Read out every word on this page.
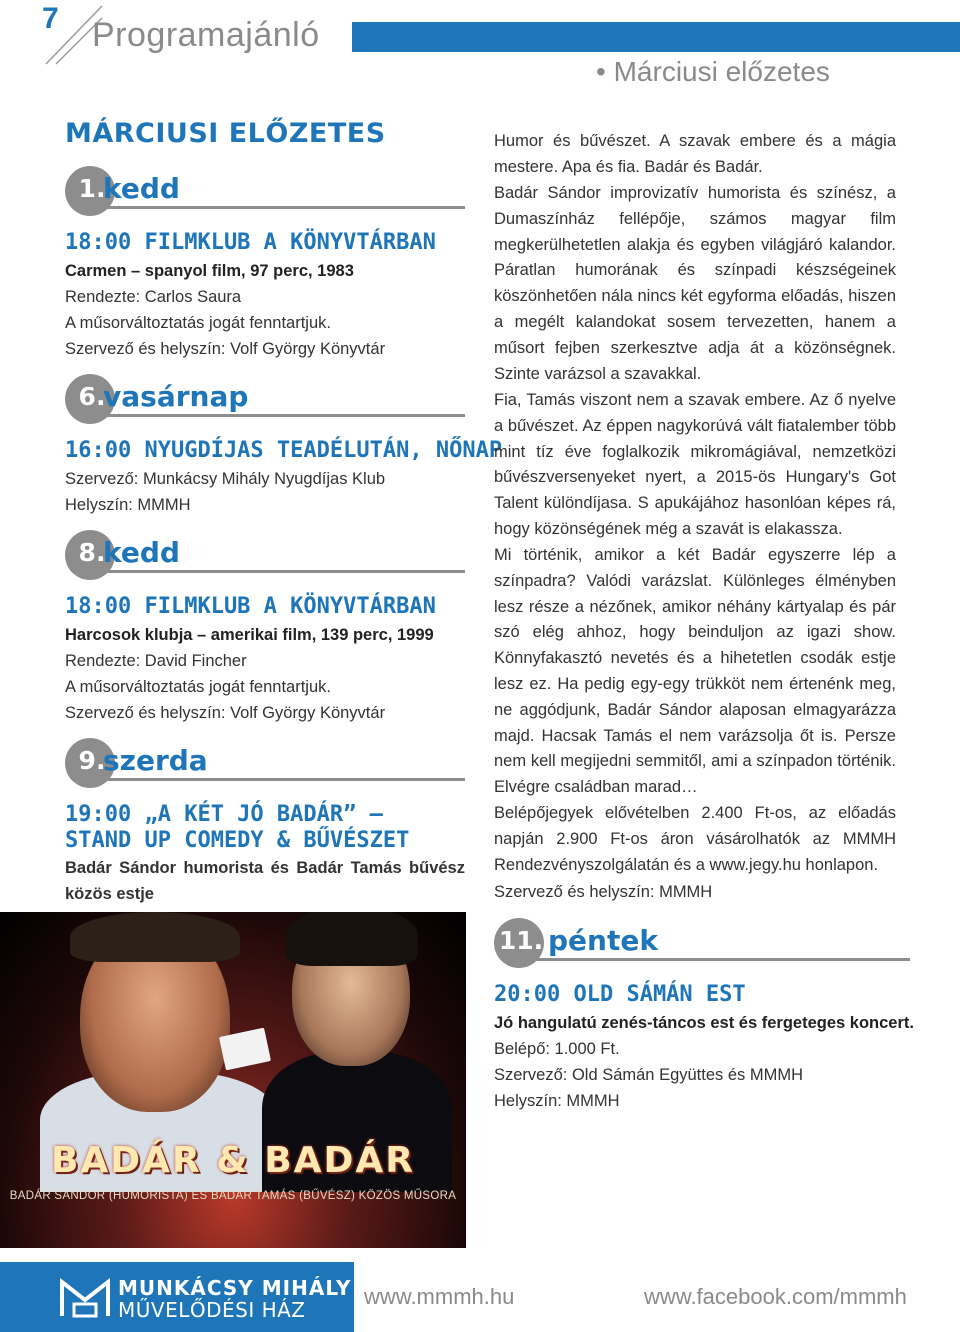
7 Programajánló
• Márciusi előzetes
MÁRCIUSI ELŐZETES
1.
kedd
18:00 FILMKLUB A KÖNYVTÁRBAN
Carmen – spanyol film, 97 perc, 1983
Rendezte: Carlos Saura
A műsorváltoztatás jogát fenntartjuk.
Szervező és helyszín: Volf György Könyvtár
6.
vasárnap
16:00 NYUGDÍJAS TEADÉLUTÁN, NŐNAP
Szervező: Munkácsy Mihály Nyugdíjas Klub
Helyszín: MMMH
8.
kedd
18:00 FILMKLUB A KÖNYVTÁRBAN
Harcosok klubja – amerikai film, 139 perc, 1999
Rendezte: David Fincher
A műsorváltoztatás jogát fenntartjuk.
Szervező és helyszín: Volf György Könyvtár
9.
szerda
19:00 „A KÉT JÓ BADÁR” –
STAND UP COMEDY & BŰVÉSZET
Badár Sándor humorista és Badár Tamás bűvész közös estje
BADÁR & BADÁR
BADÁR SÁNDOR (HUMORISTA) ÉS BADÁR TAMÁS (BŰVÉSZ) KÖZÖS MŰSORA
Humor és bűvészet. A szavak embere és a mágia mestere. Apa és fia. Badár és Badár.
Badár Sándor improvizatív humorista és színész, a Dumaszínház fellépője, számos magyar film megkerülhetetlen alakja és egyben világjáró kalandor. Páratlan humorának és színpadi készségeinek köszönhetően nála nincs két egyforma előadás, hiszen a megélt kalandokat sosem tervezetten, hanem a műsort fejben szerkesztve adja át a közönségnek. Szinte varázsol a szavakkal.
Fia, Tamás viszont nem a szavak embere. Az ő nyelve a bűvészet. Az éppen nagykorúvá vált fiatalember több mint tíz éve foglalkozik mikromágiával, nemzetközi bűvészversenyeket nyert, a 2015-ös Hungary's Got Talent különdíjasa. S apukájához hasonlóan képes rá, hogy közönségének még a szavát is elakassza.
Mi történik, amikor a két Badár egyszerre lép a színpadra? Valódi varázslat. Különleges élményben lesz része a nézőnek, amikor néhány kártyalap és pár szó elég ahhoz, hogy beinduljon az igazi show. Könnyfakasztó nevetés és a hihetetlen csodák estje lesz ez. Ha pedig egy-egy trükköt nem értenénk meg, ne aggódjunk, Badár Sándor alaposan elmagyarázza majd. Hacsak Tamás el nem varázsolja őt is. Persze nem kell megijedni semmitől, ami a színpadon történik. Elvégre családban marad…
Belépőjegyek elővételben 2.400 Ft-os, az előadás napján 2.900 Ft-os áron vásárolhatók az MMMH Rendezvényszolgálatán és a www.jegy.hu honlapon.
Szervező és helyszín: MMMH
11. péntek
20:00 OLD SÁMÁN EST
Jó hangulatú zenés-táncos est és fergeteges koncert.
Belépő: 1.000 Ft.
Szervező: Old Sámán Együttes és MMMH
Helyszín: MMMH
MUNKÁCSY MIHÁLY
MŰVELŐDÉSI HÁZ
www.mmmh.hu	www.facebook.com/mmmh
